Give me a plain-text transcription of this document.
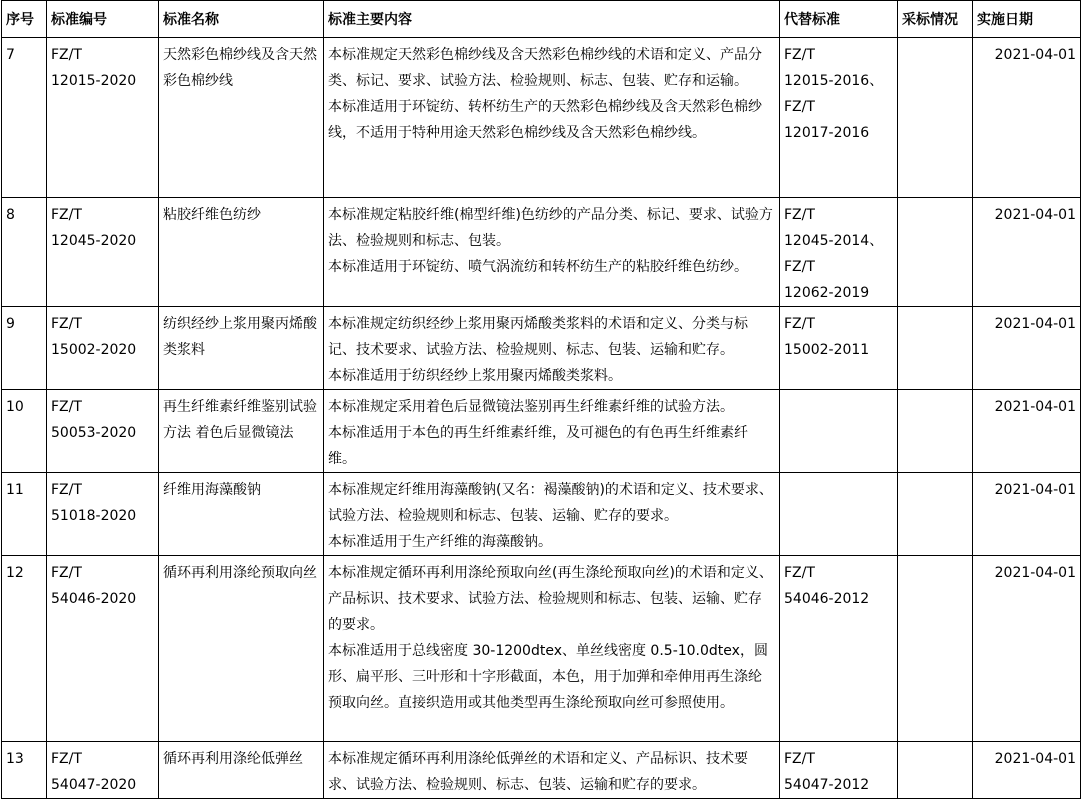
序号	标准编号	标准名称	标准主要内容	代替标准	采标情况	实施日期

7	FZ/T
12015-2020	天然彩色棉纱线及含天然彩色棉纱线	本标准规定天然彩色棉纱线及含天然彩色棉纱线的术语和定义、产品分类、标记、要求、试验方法、检验规则、标志、包装、贮存和运输。
本标准适用于环锭纺、转杯纺生产的天然彩色棉纱线及含天然彩色棉纱线，不适用于特种用途天然彩色棉纱线及含天然彩色棉纱线。	FZ/T
12015-2016、
FZ/T
12017-2016		2021-04-01

8	FZ/T
12045-2020	粘胶纤维色纺纱	本标准规定粘胶纤维(棉型纤维)色纺纱的产品分类、标记、要求、试验方法、检验规则和标志、包装。
本标准适用于环锭纺、喷气涡流纺和转杯纺生产的粘胶纤维色纺纱。	FZ/T
12045-2014、
FZ/T
12062-2019		2021-04-01

9	FZ/T
15002-2020	纺织经纱上浆用聚丙烯酸类浆料	本标准规定纺织经纱上浆用聚丙烯酸类浆料的术语和定义、分类与标记、技术要求、试验方法、检验规则、标志、包装、运输和贮存。
本标准适用于纺织经纱上浆用聚丙烯酸类浆料。	FZ/T
15002-2011		2021-04-01

10	FZ/T
50053-2020	再生纤维素纤维鉴别试验方法 着色后显微镜法	本标准规定采用着色后显微镜法鉴别再生纤维素纤维的试验方法。
本标准适用于本色的再生纤维素纤维，及可褪色的有色再生纤维素纤维。			2021-04-01

11	FZ/T
51018-2020	纤维用海藻酸钠	本标准规定纤维用海藻酸钠(又名：褐藻酸钠)的术语和定义、技术要求、试验方法、检验规则和标志、包装、运输、贮存的要求。
本标准适用于生产纤维的海藻酸钠。			2021-04-01

12	FZ/T
54046-2020	循环再利用涤纶预取向丝	本标准规定循环再利用涤纶预取向丝(再生涤纶预取向丝)的术语和定义、产品标识、技术要求、试验方法、检验规则和标志、包装、运输、贮存的要求。
本标准适用于总线密度 30-1200dtex、单丝线密度 0.5-10.0dtex，圆形、扁平形、三叶形和十字形截面，本色，用于加弹和牵伸用再生涤纶预取向丝。直接织造用或其他类型再生涤纶预取向丝可参照使用。	FZ/T
54046-2012		2021-04-01

13	FZ/T
54047-2020	循环再利用涤纶低弹丝	本标准规定循环再利用涤纶低弹丝的术语和定义、产品标识、技术要求、试验方法、检验规则、标志、包装、运输和贮存的要求。	FZ/T
54047-2012		2021-04-01
